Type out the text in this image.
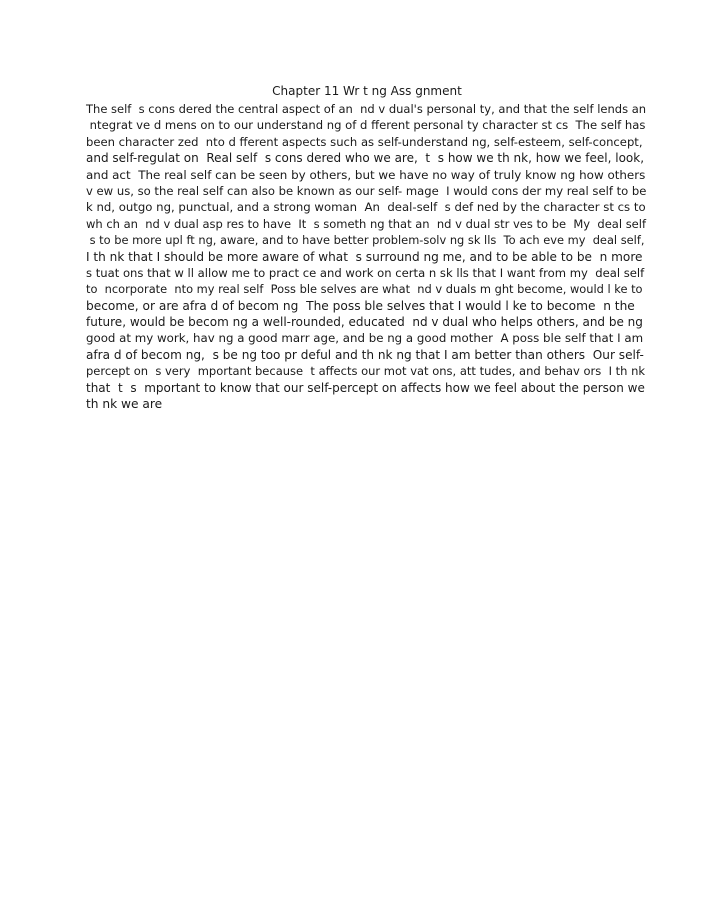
Chapter 11 Wr t ng Ass gnment
The self  s cons dered the central aspect of an  nd v dual's personal ty, and that the self lends an
ntegrat ve d mens on to our understand ng of d fferent personal ty character st cs  The self has
been character zed  nto d fferent aspects such as self-understand ng, self-esteem, self-concept,
and self-regulat on  Real self  s cons dered who we are,  t  s how we th nk, how we feel, look,
and act  The real self can be seen by others, but we have no way of truly know ng how others
v ew us, so the real self can also be known as our self- mage  I would cons der my real self to be
k nd, outgo ng, punctual, and a strong woman  An  deal-self  s def ned by the character st cs to
wh ch an  nd v dual asp res to have  It  s someth ng that an  nd v dual str ves to be  My  deal self
s to be more upl ft ng, aware, and to have better problem-solv ng sk lls  To ach eve my  deal self,
I th nk that I should be more aware of what  s surround ng me, and to be able to be  n more
s tuat ons that w ll allow me to pract ce and work on certa n sk lls that I want from my  deal self
to  ncorporate  nto my real self  Poss ble selves are what  nd v duals m ght become, would l ke to
become, or are afra d of becom ng  The poss ble selves that I would l ke to become  n the
future, would be becom ng a well-rounded, educated  nd v dual who helps others, and be ng
good at my work, hav ng a good marr age, and be ng a good mother  A poss ble self that I am
afra d of becom ng,  s be ng too pr deful and th nk ng that I am better than others  Our self-
percept on  s very  mportant because  t affects our mot vat ons, att tudes, and behav ors  I th nk
that  t  s  mportant to know that our self-percept on affects how we feel about the person we
th nk we are
